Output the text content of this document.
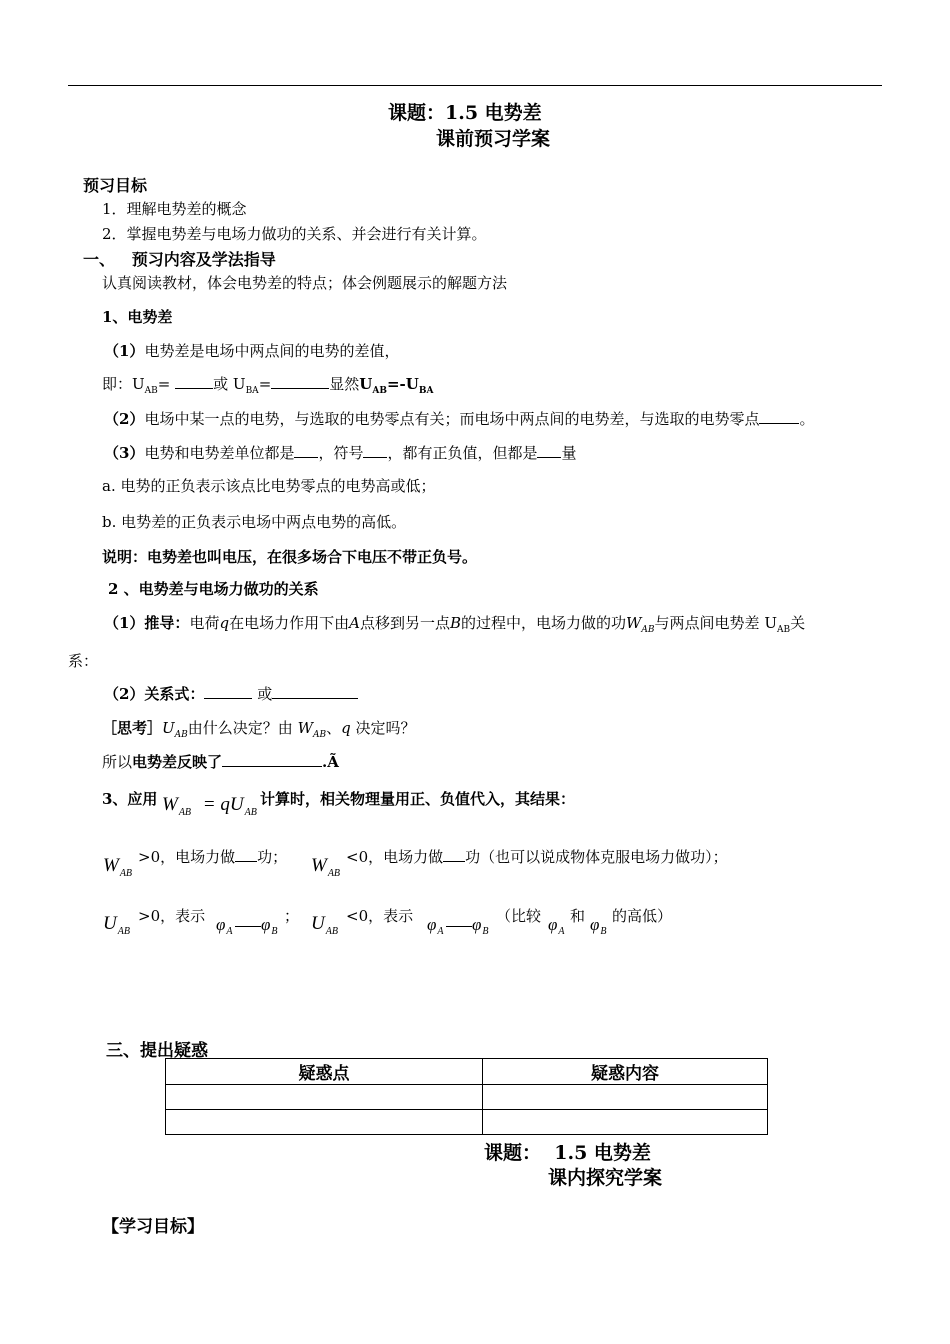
课题：1.5 电势差
课前预习学案
预习目标
1．理解电势差的概念
2．掌握电势差与电场力做功的关系、并会进行有关计算。
一、   预习内容及学法指导
认真阅读教材，体会电势差的特点；体会例题展示的解题方法
1、电势差
（1）电势差是电场中两点间的电势的差值，
即：$U_{AB}=$	或 $U_{BA}=$	显然$U_{AB}=-U_{BA}$
（2）电场中某一点的电势，与选取的电势零点有关；而电场中两点间的电势差，与选取的电势零点	。
（3）电势和电势差单位都是 ，符号 ，都有正负值，但都是 量
a. 电势的正负表示该点比电势零点的电势高或低；
b. 电势差的正负表示电场中两点电势的高低。
说明：电势差也叫电压，在很多场合下电压不带正负号。
2 、电势差与电场力做功的关系
（1）推导：电荷q在电场力作用下由A点移到另一点B的过程中，电场力做的功$W_{AB}$与两点间电势差 $U_{AB}$关
系：
（2）关系式：	或
［思考$]U_{AB}$由什么决定？由 $W_{AB}$、q 决定吗？
所以电势差反映了	.Ã
3、应用 $W_{AB} = qU_{AB}$
计算时，相关物理量用正、负值代入，其结果：
$W_{AB}$
>0，电场力做 功； $W_{AB}$
<0，电场力做 功（也可以说成物体克服电场力做功）；
$U_{AB}$
>0，表示 $\varphi_A$ $\varphi_B$
； $U_{AB}$
<0，表示 $\varphi_A$ $\varphi_B$
（比较 $\varphi_A$
和 $\varphi_B$
的高低）
三、提出疑惑
疑惑点	疑惑内容

课题：  1.5 电势差
课内探究学案
【学习目标】
